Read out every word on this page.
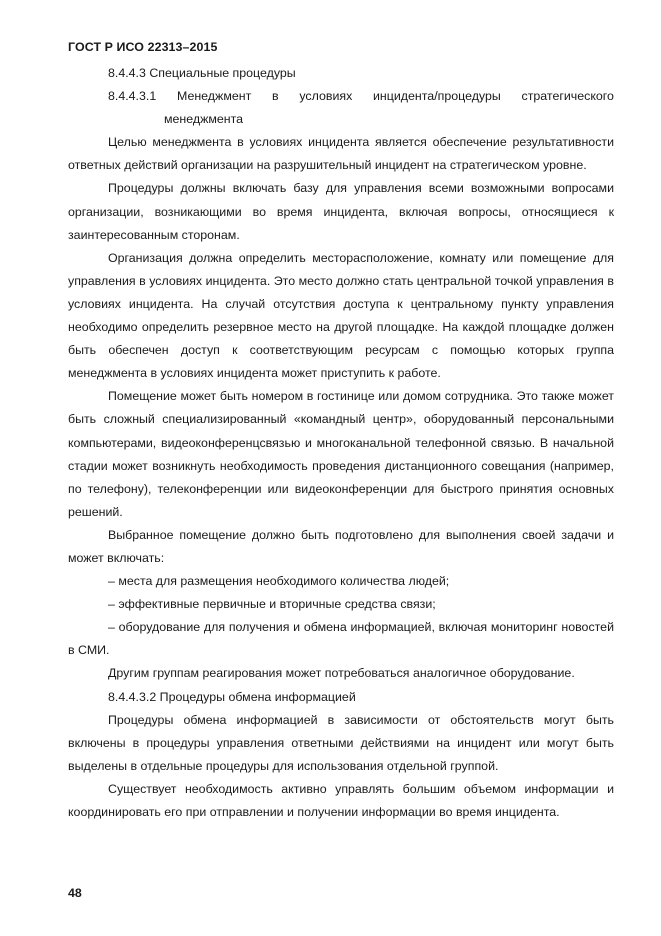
ГОСТ Р ИСО 22313–2015

8.4.4.3 Специальные процедуры

8.4.4.3.1 Менеджмент в условиях инцидента/процедуры стратегического

менеджмента

Целью менеджмента в условиях инцидента является обеспечение результативности ответных действий организации на разрушительный инцидент на стратегическом уровне.

Процедуры должны включать базу для управления всеми возможными вопросами организации, возникающими во время инцидента, включая вопросы, относящиеся к заинтересованным сторонам.

Организация должна определить месторасположение, комнату или помещение для управления в условиях инцидента. Это место должно стать центральной точкой управления в условиях инцидента. На случай отсутствия доступа к центральному пункту управления необходимо определить резервное место на другой площадке. На каждой площадке должен быть обеспечен доступ к соответствующим ресурсам с помощью которых группа менеджмента в условиях инцидента может приступить к работе.

Помещение может быть номером в гостинице или домом сотрудника. Это также может быть сложный специализированный «командный центр», оборудованный персональными компьютерами, видеоконференцсвязью и многоканальной телефонной связью. В начальной стадии может возникнуть необходимость проведения дистанционного совещания (например, по телефону), телеконференции или видеоконференции для быстрого принятия основных решений.

Выбранное помещение должно быть подготовлено для выполнения своей задачи и может включать:

– места для размещения необходимого количества людей;

– эффективные первичные и вторичные средства связи;

– оборудование для получения и обмена информацией, включая мониторинг новостей в СМИ.

Другим группам реагирования может потребоваться аналогичное оборудование.

8.4.4.3.2 Процедуры обмена информацией

Процедуры обмена информацией в зависимости от обстоятельств могут быть включены в процедуры управления ответными действиями на инцидент или могут быть выделены в отдельные процедуры для использования отдельной группой.

Существует необходимость активно управлять большим объемом информации и координировать его при отправлении и получении информации во время инцидента.

48
